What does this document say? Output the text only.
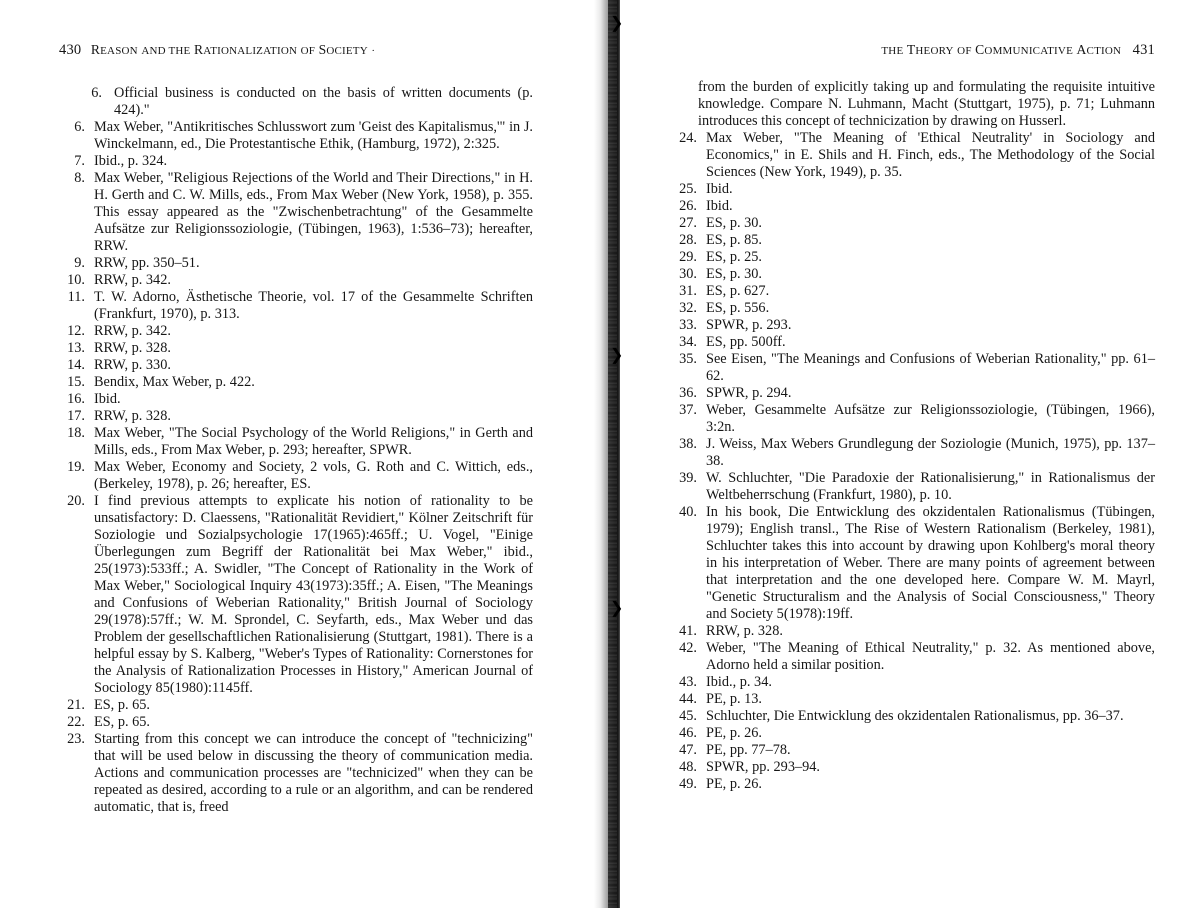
430 REASON AND THE RATIONALIZATION OF SOCIETY ·
6. Official business is conducted on the basis of written documents (p. 424)."
6. Max Weber, "Antikritisches Schlusswort zum 'Geist des Kapitalismus,'" in J. Winckelmann, ed., Die Protestantische Ethik, (Hamburg, 1972), 2:325.
7. Ibid., p. 324.
8. Max Weber, "Religious Rejections of the World and Their Directions," in H. H. Gerth and C. W. Mills, eds., From Max Weber (New York, 1958), p. 355. This essay appeared as the "Zwischenbetrachtung" of the Gesammelte Aufsätze zur Religionssoziologie, (Tübingen, 1963), 1:536–73); hereafter, RRW.
9. RRW, pp. 350–51.
10. RRW, p. 342.
11. T. W. Adorno, Ästhetische Theorie, vol. 17 of the Gesammelte Schriften (Frankfurt, 1970), p. 313.
12. RRW, p. 342.
13. RRW, p. 328.
14. RRW, p. 330.
15. Bendix, Max Weber, p. 422.
16. Ibid.
17. RRW, p. 328.
18. Max Weber, "The Social Psychology of the World Religions," in Gerth and Mills, eds., From Max Weber, p. 293; hereafter, SPWR.
19. Max Weber, Economy and Society, 2 vols, G. Roth and C. Wittich, eds., (Berkeley, 1978), p. 26; hereafter, ES.
20. I find previous attempts to explicate his notion of rationality to be unsatisfactory: D. Claessens, "Rationalität Revidiert," Kölner Zeitschrift für Soziologie und Sozialpsychologie 17(1965):465ff.; U. Vogel, "Einige Überlegungen zum Begriff der Rationalität bei Max Weber," ibid., 25(1973):533ff.; A. Swidler, "The Concept of Rationality in the Work of Max Weber," Sociological Inquiry 43(1973):35ff.; A. Eisen, "The Meanings and Confusions of Weberian Rationality," British Journal of Sociology 29(1978):57ff.; W. M. Sprondel, C. Seyfarth, eds., Max Weber und das Problem der gesellschaftlichen Rationalisierung (Stuttgart, 1981). There is a helpful essay by S. Kalberg, "Weber's Types of Rationality: Cornerstones for the Analysis of Rationalization Processes in History," American Journal of Sociology 85(1980):1145ff.
21. ES, p. 65.
22. ES, p. 65.
23. Starting from this concept we can introduce the concept of "technicizing" that will be used below in discussing the theory of communication media. Actions and communication processes are "technicized" when they can be repeated as desired, according to a rule or an algorithm, and can be rendered automatic, that is, freed
❯
❯
❯
THE THEORY OF COMMUNICATIVE ACTION 431
from the burden of explicitly taking up and formulating the requisite intuitive knowledge. Compare N. Luhmann, Macht (Stuttgart, 1975), p. 71; Luhmann introduces this concept of technicization by drawing on Husserl.
24. Max Weber, "The Meaning of 'Ethical Neutrality' in Sociology and Economics," in E. Shils and H. Finch, eds., The Methodology of the Social Sciences (New York, 1949), p. 35.
25. Ibid.
26. Ibid.
27. ES, p. 30.
28. ES, p. 85.
29. ES, p. 25.
30. ES, p. 30.
31. ES, p. 627.
32. ES, p. 556.
33. SPWR, p. 293.
34. ES, pp. 500ff.
35. See Eisen, "The Meanings and Confusions of Weberian Rationality," pp. 61–62.
36. SPWR, p. 294.
37. Weber, Gesammelte Aufsätze zur Religionssoziologie, (Tübingen, 1966), 3:2n.
38. J. Weiss, Max Webers Grundlegung der Soziologie (Munich, 1975), pp. 137–38.
39. W. Schluchter, "Die Paradoxie der Rationalisierung," in Rationalismus der Weltbeherrschung (Frankfurt, 1980), p. 10.
40. In his book, Die Entwicklung des okzidentalen Rationalismus (Tübingen, 1979); English transl., The Rise of Western Rationalism (Berkeley, 1981), Schluchter takes this into account by drawing upon Kohlberg's moral theory in his interpretation of Weber. There are many points of agreement between that interpretation and the one developed here. Compare W. M. Mayrl, "Genetic Structuralism and the Analysis of Social Consciousness," Theory and Society 5(1978):19ff.
41. RRW, p. 328.
42. Weber, "The Meaning of Ethical Neutrality," p. 32. As mentioned above, Adorno held a similar position.
43. Ibid., p. 34.
44. PE, p. 13.
45. Schluchter, Die Entwicklung des okzidentalen Rationalismus, pp. 36–37.
46. PE, p. 26.
47. PE, pp. 77–78.
48. SPWR, pp. 293–94.
49. PE, p. 26.
